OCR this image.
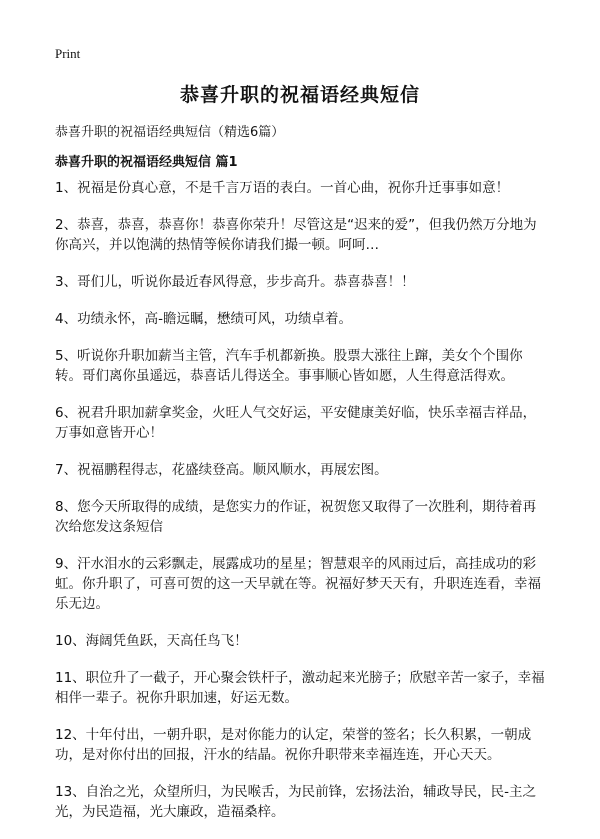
Print
恭喜升职的祝福语经典短信
恭喜升职的祝福语经典短信（精选6篇）
恭喜升职的祝福语经典短信 篇1

1、祝福是份真心意，不是千言万语的表白。一首心曲，祝你升迁事事如意！

2、恭喜，恭喜，恭喜你！恭喜你荣升！尽管这是“迟来的爱”，但我仍然万分地为你高兴，并以饱满的热情等候你请我们撮一顿。呵呵…

3、哥们儿，听说你最近春风得意，步步高升。恭喜恭喜！！

4、功绩永怀，高-瞻远瞩，懋绩可风，功绩卓着。

5、听说你升职加薪当主管，汽车手机都新换。股票大涨往上蹿，美女个个围你转。哥们离你虽遥远，恭喜话儿得送全。事事顺心皆如愿，人生得意活得欢。

6、祝君升职加薪拿奖金，火旺人气交好运，平安健康美好临，快乐幸福吉祥品，万事如意皆开心！

7、祝福鹏程得志，花盛续登高。顺风顺水，再展宏图。

8、您今天所取得的成绩，是您实力的作证，祝贺您又取得了一次胜利，期待着再次给您发这条短信

9、汗水泪水的云彩飘走，展露成功的星星；智慧艰辛的风雨过后，高挂成功的彩虹。你升职了，可喜可贺的这一天早就在等。祝福好梦天天有，升职连连看，幸福乐无边。

10、海阔凭鱼跃，天高任鸟飞！

11、职位升了一截子，开心聚会铁杆子，激动起来光膀子；欣慰辛苦一家子，幸福相伴一辈子。祝你升职加速，好运无数。

12、十年付出，一朝升职，是对你能力的认定，荣誉的签名；长久积累，一朝成功，是对你付出的回报，汗水的结晶。祝你升职带来幸福连连，开心天天。

13、自治之光，众望所归，为民喉舌，为民前锋，宏扬法治，辅政导民，民-主之光，为民造福，光大廉政，造福桑梓。
